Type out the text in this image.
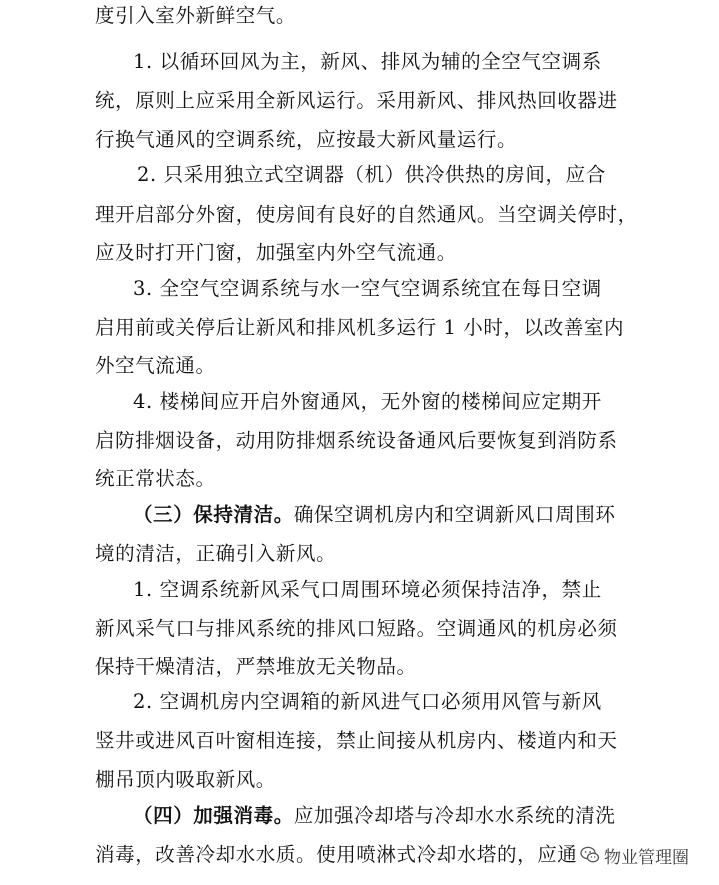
度引入室外新鲜空气。
1. 以循环回风为主，新风、排风为辅的全空气空调系
统，原则上应采用全新风运行。采用新风、排风热回收器进
行换气通风的空调系统，应按最大新风量运行。
2. 只采用独立式空调器（机）供冷供热的房间，应合
理开启部分外窗，使房间有良好的自然通风。当空调关停时，
应及时打开门窗，加强室内外空气流通。
3. 全空气空调系统与水一空气空调系统宜在每日空调
启用前或关停后让新风和排风机多运行 1 小时，以改善室内
外空气流通。
4. 楼梯间应开启外窗通风，无外窗的楼梯间应定期开
启防排烟设备，动用防排烟系统设备通风后要恢复到消防系
统正常状态。
（三）保持清洁。确保空调机房内和空调新风口周围环
境的清洁，正确引入新风。
1. 空调系统新风采气口周围环境必须保持洁净，禁止
新风采气口与排风系统的排风口短路。空调通风的机房必须
保持干燥清洁，严禁堆放无关物品。
2. 空调机房内空调箱的新风进气口必须用风管与新风
竖井或进风百叶窗相连接，禁止间接从机房内、楼道内和天
棚吊顶内吸取新风。
（四）加强消毒。应加强冷却塔与冷却水水系统的清洗
消毒，改善冷却水水质。使用喷淋式冷却水塔的，应通	物业管理圈
